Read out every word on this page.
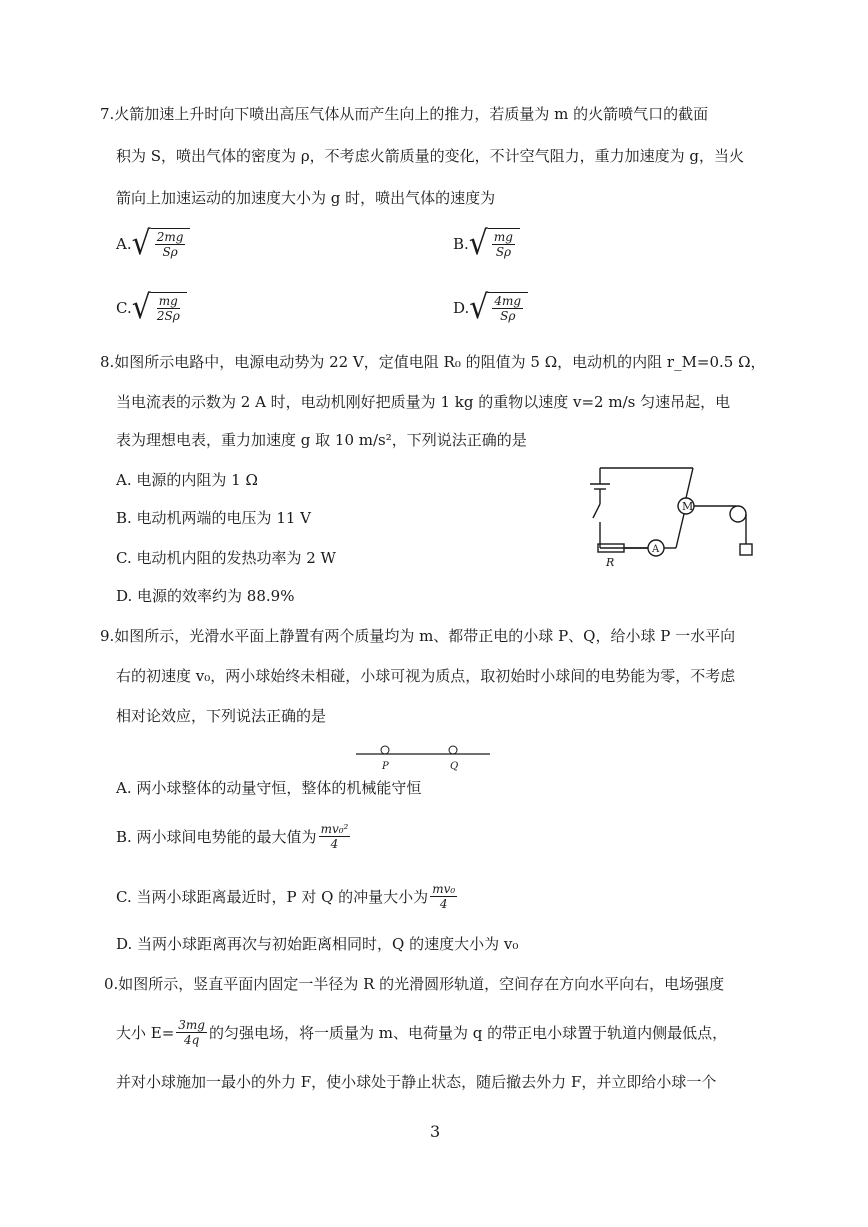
7.火箭加速上升时向下喷出高压气体从而产生向上的推力，若质量为 m 的火箭喷气口的截面
积为 S，喷出气体的密度为 ρ，不考虑火箭质量的变化，不计空气阻力，重力加速度为 g，当火
箭向上加速运动的加速度大小为 g 时，喷出气体的速度为
A. √ $\frac{2mg}{S\rho}$	B. √ $\frac{mg}{S\rho}$
C. √ $\frac{mg}{2S\rho}$	D. √ $\frac{4mg}{S\rho}$
8.如图所示电路中，电源电动势为 22 V，定值电阻 R₀ 的阻值为 5 Ω，电动机的内阻 r_M=0.5 Ω，
当电流表的示数为 2 A 时，电动机刚好把质量为 1 kg 的重物以速度 v=2 m/s 匀速吊起，电
表为理想电表，重力加速度 g 取 10 m/s²，下列说法正确的是
A. 电源的内阻为 1 Ω
B. 电动机两端的电压为 11 V
C. 电动机内阻的发热功率为 2 W
D. 电源的效率约为 88.9%
M
A
R
9.如图所示，光滑水平面上静置有两个质量均为 m、都带正电的小球 P、Q，给小球 P 一水平向
右的初速度 v₀，两小球始终未相碰，小球可视为质点，取初始时小球间的电势能为零，不考虑
相对论效应，下列说法正确的是
P	Q
A. 两小球整体的动量守恒，整体的机械能守恒
B. 两小球间电势能的最大值为 $\frac{\text{mv₀²}}{4}$
C. 当两小球距离最近时，P 对 Q 的冲量大小为 $\frac{\text{mv₀}}{4}$
D. 当两小球距离再次与初始距离相同时，Q 的速度大小为 v₀
0.如图所示，竖直平面内固定一半径为 R 的光滑圆形轨道，空间存在方向水平向右，电场强度
大小 $E= \frac{3mg}{4q}$ 的匀强电场，将一质量为 m、电荷量为 q 的带正电小球置于轨道内侧最低点，
并对小球施加一最小的外力 F，使小球处于静止状态，随后撤去外力 F，并立即给小球一个
3
